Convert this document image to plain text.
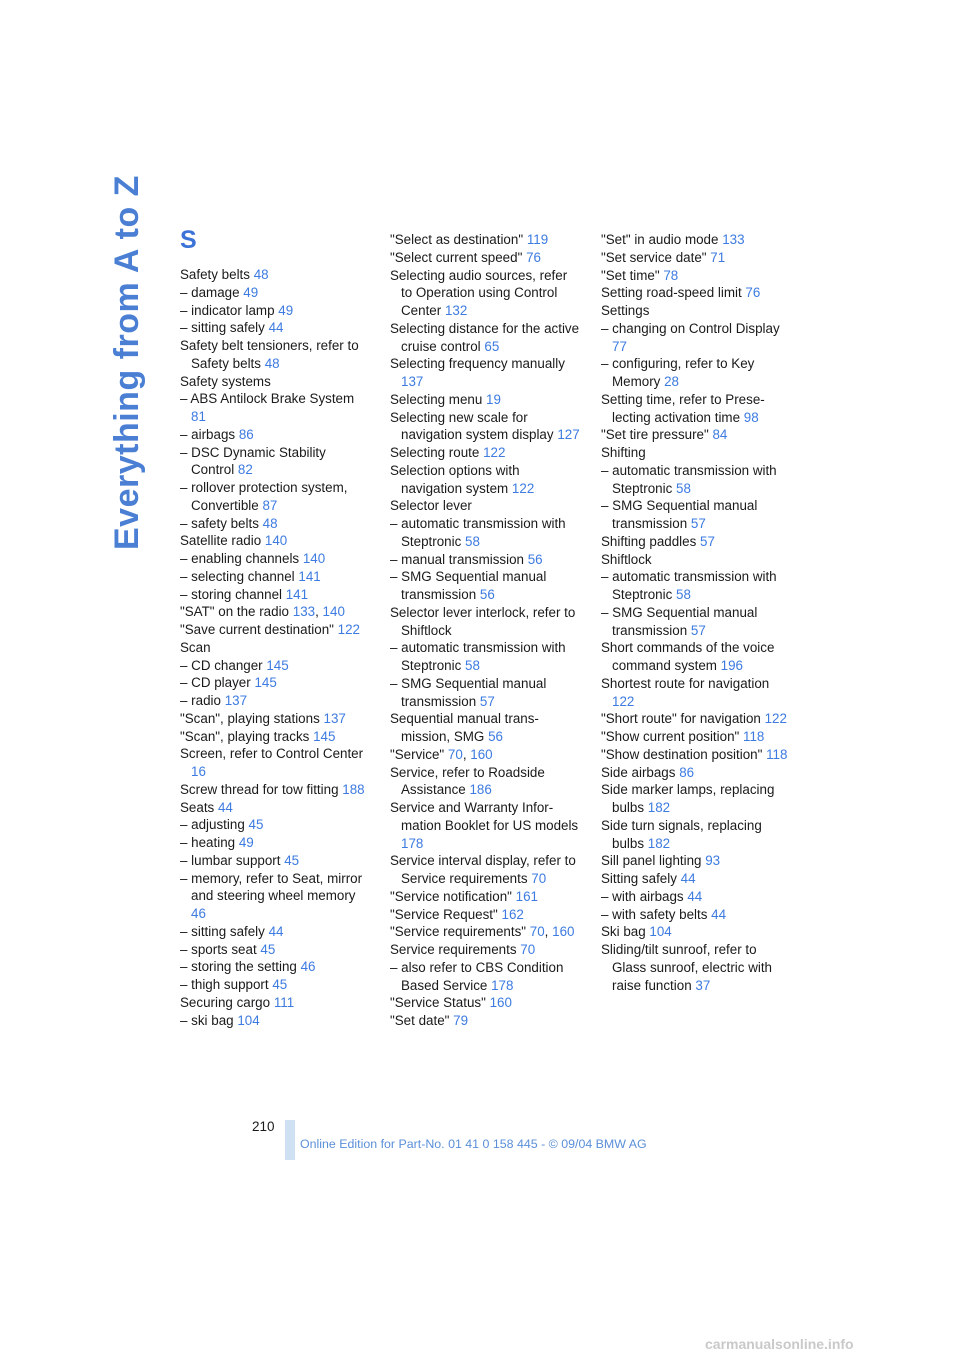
Everything from A to Z S
Safety belts 48
– damage 49
– indicator lamp 49
– sitting safely 44
Safety belt tensioners, refer to Safety belts 48
Safety systems
– ABS Antilock Brake System 81
– airbags 86
– DSC Dynamic Stability Control 82
– rollover protection system, Convertible 87
– safety belts 48
Satellite radio 140
– enabling channels 140
– selecting channel 141
– storing channel 141
"SAT" on the radio 133, 140
"Save current destination" 122
Scan
– CD changer 145
– CD player 145
– radio 137
"Scan", playing stations 137
"Scan", playing tracks 145
Screen, refer to Control Center 16
Screw thread for tow fitting 188
Seats 44
– adjusting 45
– heating 49
– lumbar support 45
– memory, refer to Seat, mirror and steering wheel memory 46
– sitting safely 44
– sports seat 45
– storing the setting 46
– thigh support 45
Securing cargo 111
– ski bag 104
"Select as destination" 119
"Select current speed" 76
Selecting audio sources, refer to Operation using Control Center 132
Selecting distance for the active cruise control 65
Selecting frequency manually 137
Selecting menu 19
Selecting new scale for navigation system display 127
Selecting route 122
Selection options with navigation system 122
Selector lever
– automatic transmission with Steptronic 58
– manual transmission 56
– SMG Sequential manual transmission 56
Selector lever interlock, refer to Shiftlock
– automatic transmission with Steptronic 58
– SMG Sequential manual transmission 57
Sequential manual trans-mission, SMG 56
"Service" 70, 160
Service, refer to Roadside Assistance 186
Service and Warranty Infor-mation Booklet for US models 178
Service interval display, refer to Service requirements 70
"Service notification" 161
"Service Request" 162
"Service requirements" 70, 160
Service requirements 70
– also refer to CBS Condition Based Service 178
"Service Status" 160
"Set date" 79
"Set" in audio mode 133
"Set service date" 71
"Set time" 78
Setting road-speed limit 76
Settings
– changing on Control Display 77
– configuring, refer to Key Memory 28
Setting time, refer to Prese-lecting activation time 98
"Set tire pressure" 84
Shifting
– automatic transmission with Steptronic 58
– SMG Sequential manual transmission 57
Shifting paddles 57
Shiftlock
– automatic transmission with Steptronic 58
– SMG Sequential manual transmission 57
Short commands of the voice command system 196
Shortest route for navigation 122
"Short route" for navigation 122
"Show current position" 118
"Show destination position" 118
Side airbags 86
Side marker lamps, replacing bulbs 182
Side turn signals, replacing bulbs 182
Sill panel lighting 93
Sitting safely 44
– with airbags 44
– with safety belts 44
Ski bag 104
Sliding/tilt sunroof, refer to Glass sunroof, electric with raise function 37
210
Online Edition for Part-No. 01 41 0 158 445 - © 09/04 BMW AG
carmanualsonline.info
